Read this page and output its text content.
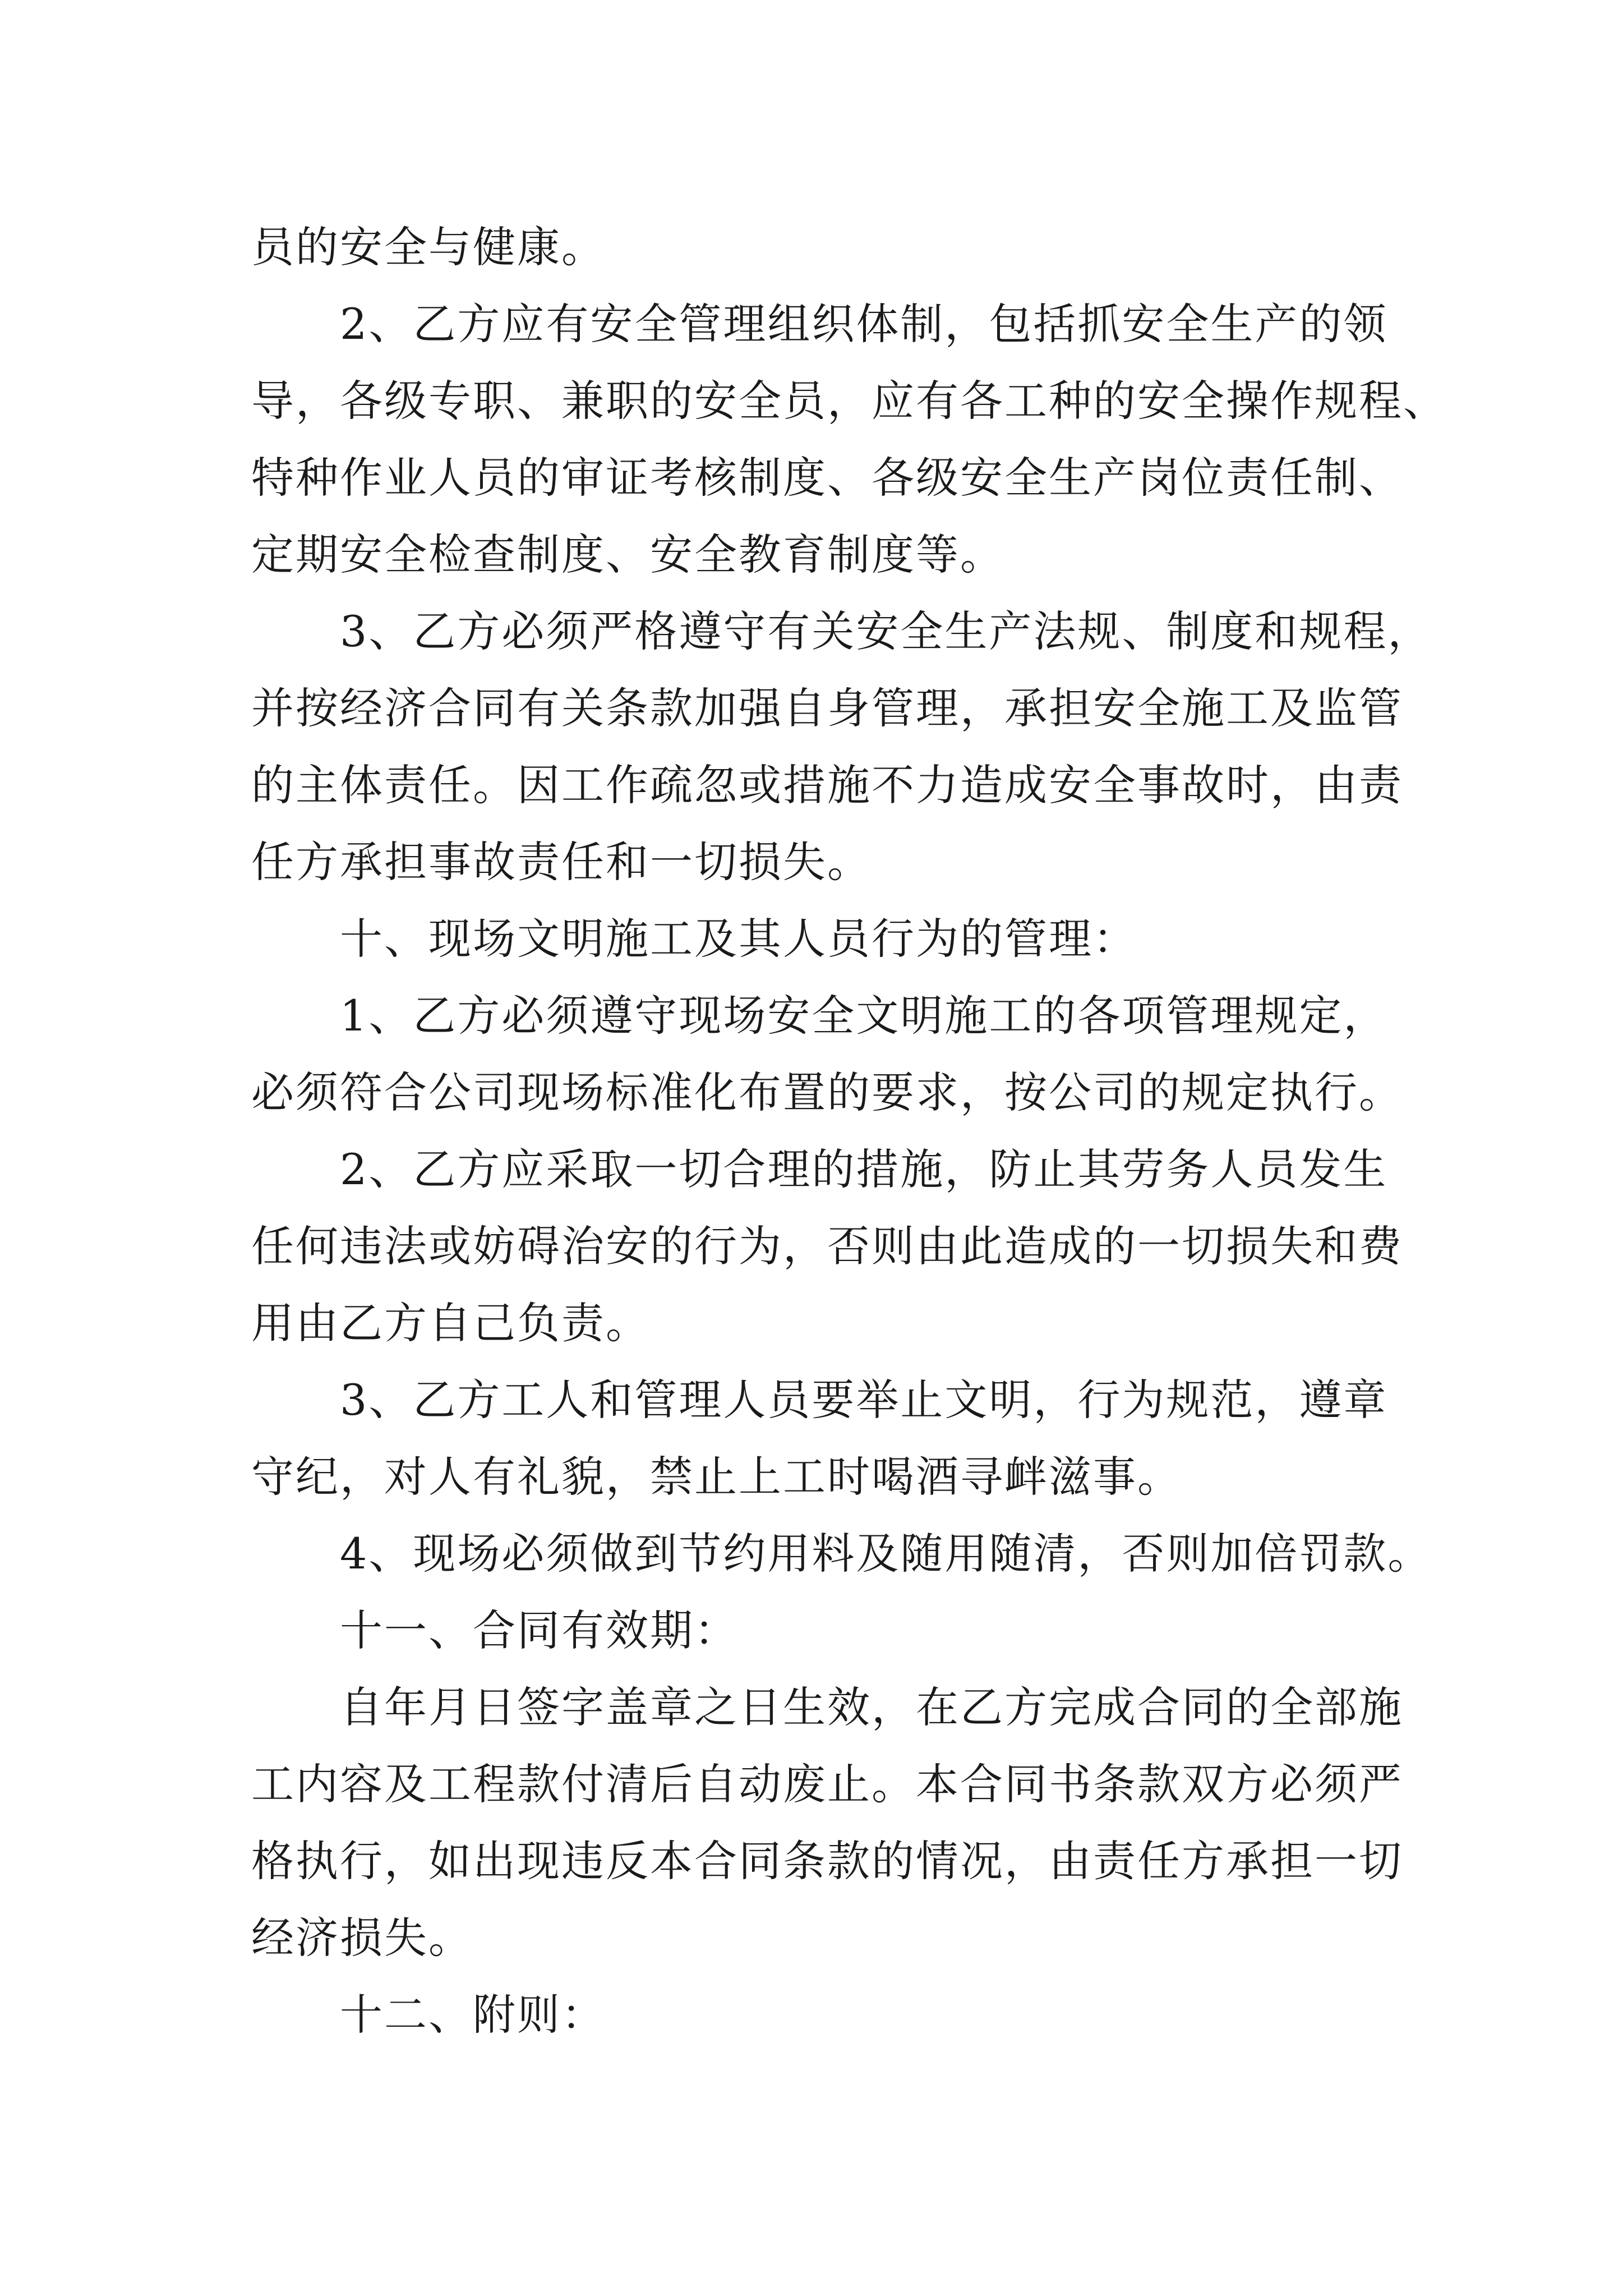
员的安全与健康。
　　2、乙方应有安全管理组织体制，包括抓安全生产的领
导，各级专职、兼职的安全员，应有各工种的安全操作规程、
特种作业人员的审证考核制度、各级安全生产岗位责任制、
定期安全检查制度、安全教育制度等。
　　3、乙方必须严格遵守有关安全生产法规、制度和规程，
并按经济合同有关条款加强自身管理，承担安全施工及监管
的主体责任。因工作疏忽或措施不力造成安全事故时，由责
任方承担事故责任和一切损失。
　　十、现场文明施工及其人员行为的管理：
　　1、乙方必须遵守现场安全文明施工的各项管理规定，
必须符合公司现场标准化布置的要求，按公司的规定执行。
　　2、乙方应采取一切合理的措施，防止其劳务人员发生
任何违法或妨碍治安的行为，否则由此造成的一切损失和费
用由乙方自己负责。
　　3、乙方工人和管理人员要举止文明，行为规范，遵章
守纪，对人有礼貌，禁止上工时喝酒寻衅滋事。
　　4、现场必须做到节约用料及随用随清，否则加倍罚款。
　　十一、合同有效期：
　　自年月日签字盖章之日生效，在乙方完成合同的全部施
工内容及工程款付清后自动废止。本合同书条款双方必须严
格执行，如出现违反本合同条款的情况，由责任方承担一切
经济损失。
　　十二、附则：
